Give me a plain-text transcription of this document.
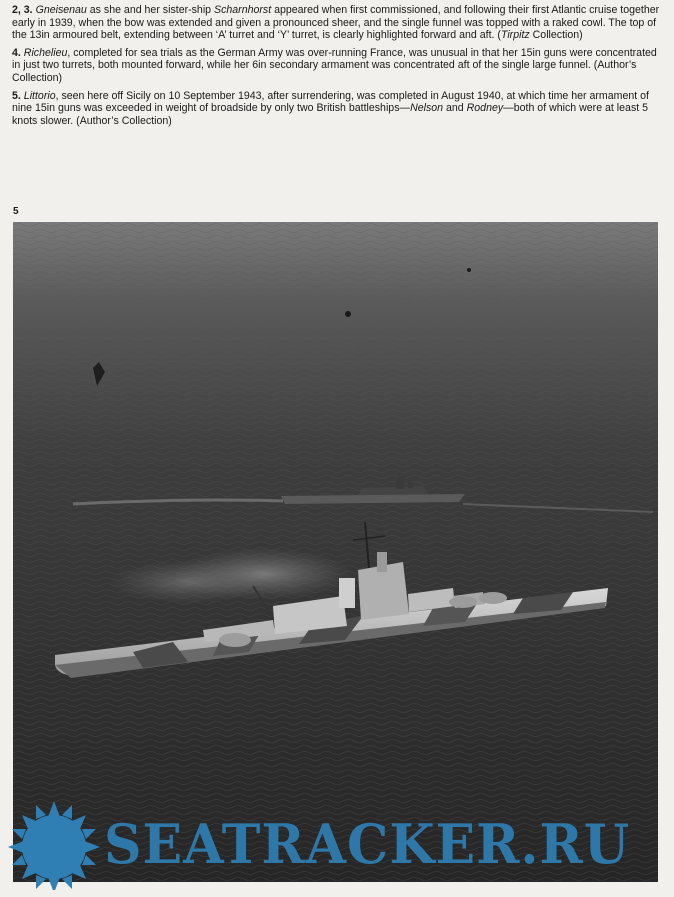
2, 3. Gneisenau as she and her sister-ship Scharnhorst appeared when first commissioned, and following their first Atlantic cruise together early in 1939, when the bow was extended and given a pronounced sheer, and the single funnel was topped with a raked cowl. The top of the 13in armoured belt, extending between ‘A’ turret and ‘Y’ turret, is clearly highlighted forward and aft. (Tirpitz Collection)

4. Richelieu, completed for sea trials as the German Army was over-running France, was unusual in that her 15in guns were concentrated in just two turrets, both mounted forward, while her 6in secondary armament was concentrated aft of the single large funnel. (Author’s Collection)

5. Littorio, seen here off Sicily on 10 September 1943, after surrendering, was completed in August 1940, at which time her armament of nine 15in guns was exceeded in weight of broadside by only two British battleships—Nelson and Rodney—both of which were at least 5 knots slower. (Author’s Collection)

5
SEATRACKER.RU
